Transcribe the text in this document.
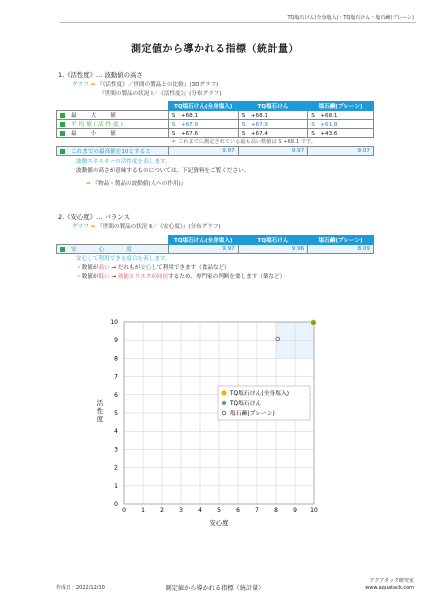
TQ塩石けん(全身塩入)・TQ塩石けん・塩石鹸(プレーン)
測定値から導かれる指標（統計量）
1.《活性度》… 波動値の高さ
グラフ ➡ 『《活性度》／世間の製品との比較』(3Dグラフ)
『世間の製品の状況 Ⅰ／《活性度》』(分布グラフ)
	TQ塩石けん(全身塩入)	TQ塩石けん	塩石鹸(プレーン)
最大値	S　+68.1	S　+68.1	S　+68.1
平均値(活性度)	S　+67.9	S　+67.9	S　+61.8
最小値	S　+67.6	S　+67.4	S　+43.6
	＊ これまでに測定されている最も高い数値は S +68.1 です。		
これまでの最高値を10とすると	9.97	9.97	9.07
波動エネルギーの活性度を表します。
波動値の高さが意味するものについては、下記資料をご覧ください。
➡ 『物品・製品の波動値(人への作用)』
2.《安心度》… バランス
グラフ ➡ 『世間の製品の状況 Ⅱ／《安心度》』(分布グラフ)
	TQ塩石けん(全身塩入)	TQ塩石けん	塩石鹸(プレーン)
安心度	9.97	9.96	8.09
安心して利用できる度合を表します。
・数値が高い → だれもが安心して利用できます（食品など）
・数値が低い → 効能とリスクが同居するため、専門家の判断を要します（薬など）
0
0
1
1
2
2
3
3
4
4
5
5
6
6
7
7
8
8
9
9
10
10
安心度
活性度
TQ塩石けん(全身塩入)
TQ塩石けん
塩石鹸(プレーン)
作成日：2022/12/10	測定値から導かれる指標（統計量）
アクアタック研究室
www.aquatack.com
